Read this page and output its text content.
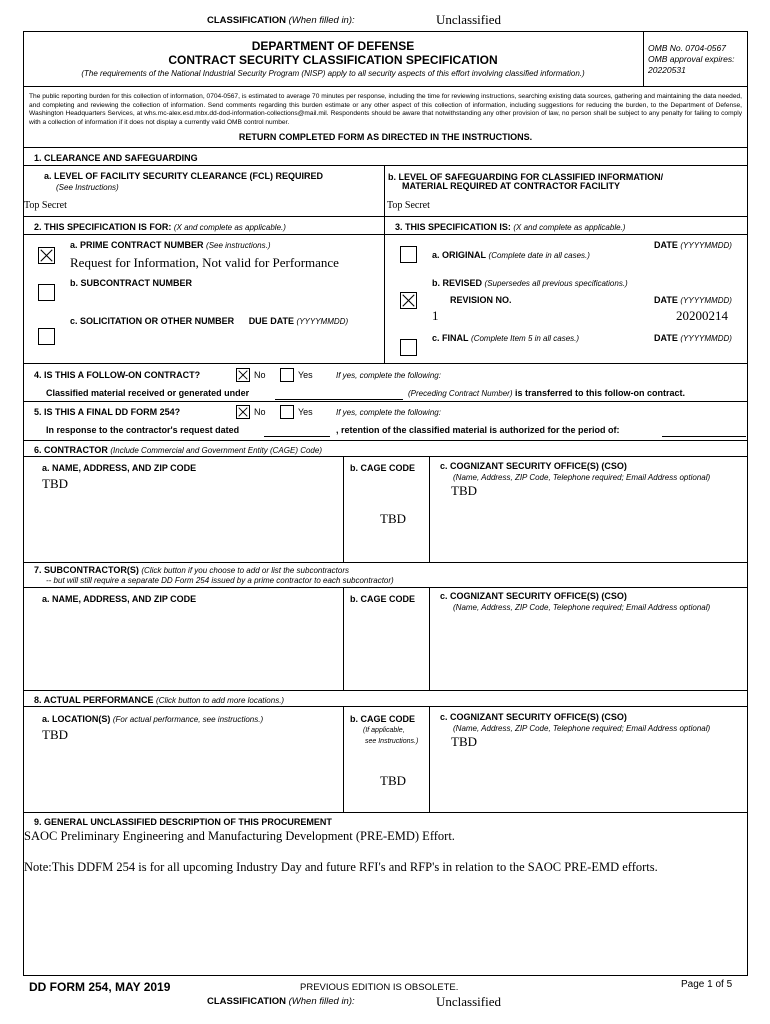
CLASSIFICATION (When filled in):	Unclassified
DEPARTMENT OF DEFENSE
CONTRACT SECURITY CLASSIFICATION SPECIFICATION
(The requirements of the National Industrial Security Program (NISP) apply to all security aspects of this effort involving classified information.)
OMB No. 0704-0567
OMB approval expires:
20220531
The public reporting burden for this collection of information, 0704-0567, is estimated to average 70 minutes per response, including the time for reviewing instructions, searching existing data sources, gathering and maintaining the data needed, and completing and reviewing the collection of information. Send comments regarding this burden estimate or any other aspect of this collection of information, including suggestions for reducing the burden, to the Department of Defense, Washington Headquarters Services, at whs.mc-alex.esd.mbx.dd-dod-information-collections@mail.mil. Respondents should be aware that notwithstanding any other provision of law, no person shall be subject to any penalty for failing to comply with a collection of information if it does not display a currently valid OMB control number.
RETURN COMPLETED FORM AS DIRECTED IN THE INSTRUCTIONS.
1. CLEARANCE AND SAFEGUARDING
a. LEVEL OF FACILITY SECURITY CLEARANCE (FCL) REQUIRED
(See Instructions)
b. LEVEL OF SAFEGUARDING FOR CLASSIFIED INFORMATION/
MATERIAL REQUIRED AT CONTRACTOR FACILITY
Top Secret	Top Secret
2. THIS SPECIFICATION IS FOR: (X and complete as applicable.)	3. THIS SPECIFICATION IS: (X and complete as applicable.)
a. PRIME CONTRACT NUMBER (See instructions.)
Request for Information, Not valid for Performance
b. SUBCONTRACT NUMBER
c. SOLICITATION OR OTHER NUMBER DUE DATE (YYYYMMDD)
DATE (YYYYMMDD)
a. ORIGINAL (Complete date in all cases.)
b. REVISED (Supersedes all previous specifications.)
REVISION NO.	DATE (YYYYMMDD)
1	20200214
c. FINAL (Complete Item 5 in all cases.)	DATE (YYYYMMDD)
4. IS THIS A FOLLOW-ON CONTRACT?	No	Yes	If yes, complete the following:
Classified material received or generated under	(Preceding Contract Number) is transferred to this follow-on contract.
5. IS THIS A FINAL DD FORM 254?	No	Yes	If yes, complete the following:
In response to the contractor's request dated	, retention of the classified material is authorized for the period of:
6. CONTRACTOR (Include Commercial and Government Entity (CAGE) Code)
a. NAME, ADDRESS, AND ZIP CODE
TBD
b. CAGE CODE
TBD
c. COGNIZANT SECURITY OFFICE(S) (CSO)
(Name, Address, ZIP Code, Telephone required; Email Address optional)
TBD
7. SUBCONTRACTOR(S) (Click button if you choose to add or list the subcontractors
-- but will still require a separate DD Form 254 issued by a prime contractor to each subcontractor)
a. NAME, ADDRESS, AND ZIP CODE	b. CAGE CODE	c. COGNIZANT SECURITY OFFICE(S) (CSO)
(Name, Address, ZIP Code, Telephone required; Email Address optional)
8. ACTUAL PERFORMANCE (Click button to add more locations.)
a. LOCATION(S) (For actual performance, see instructions.)
TBD
b. CAGE CODE
(If applicable,
see Instructions.)
TBD
c. COGNIZANT SECURITY OFFICE(S) (CSO)
(Name, Address, ZIP Code, Telephone required; Email Address optional)
TBD
9. GENERAL UNCLASSIFIED DESCRIPTION OF THIS PROCUREMENT
SAOC Preliminary Engineering and Manufacturing Development (PRE-EMD) Effort.
Note:This DDFM 254 is for all upcoming Industry Day and future RFI's and RFP's in relation to the SAOC PRE-EMD efforts.
DD FORM 254, MAY 2019	PREVIOUS EDITION IS OBSOLETE.	Page 1 of 5
CLASSIFICATION (When filled in):	Unclassified
